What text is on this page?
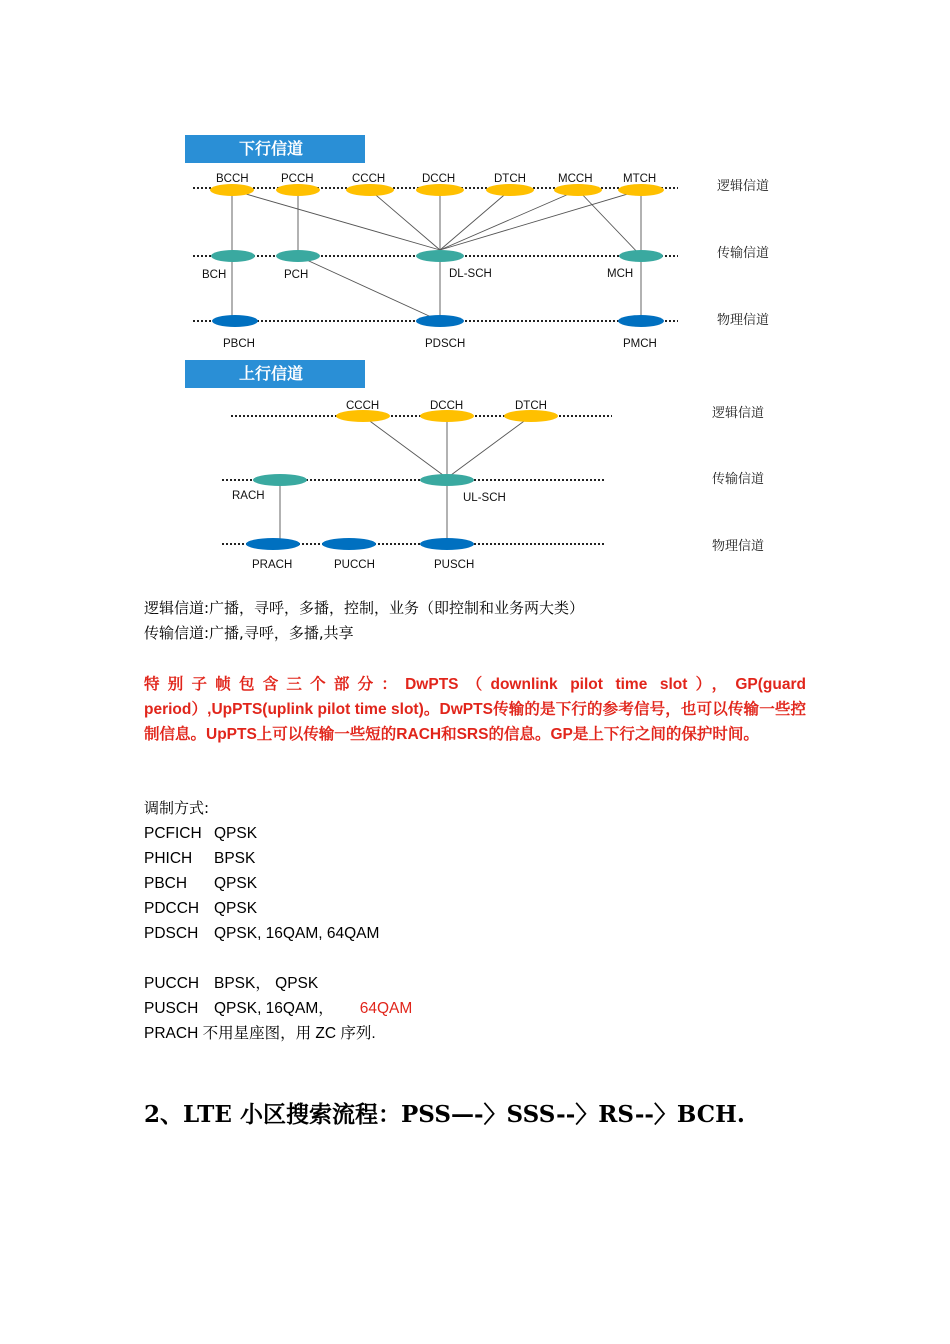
下行信道
上行信道
BCCH	PCCH	CCCH	DCCH	DTCH	MCCH	MTCH
BCH	PCH	DL-SCH	MCH
PBCH	PDSCH	PMCH
逻辑信道
传输信道
物理信道
CCCH	DCCH	DTCH
RACH	UL-SCH
PRACH	PUCCH	PUSCH
逻辑信道
传输信道
物理信道
逻辑信道:广播，寻呼，多播，控制，业务（即控制和业务两大类）
传输信道:广播,寻呼，多播,共享

特别子帧包含三个部分：DwPTS（downlink pilot time slot），GP(guard period）,UpPTS(uplink pilot time slot)。DwPTS传输的是下行的参考信号，也可以传输一些控制信息。UpPTS上可以传输一些短的RACH和SRS的信息。GP是上下行之间的保护时间。

调制方式:
PCFICH QPSK
PHICH BPSK
PBCH QPSK
PDCCH QPSK
PDSCH QPSK, 16QAM, 64QAM
PUCCH BPSK， QPSK
PUSCH QPSK, 16QAM， 64QAM
PRACH 不用星座图，用 ZC 序列.
2、LTE 小区搜索流程：PSS—-〉SSS--〉RS--〉BCH.
